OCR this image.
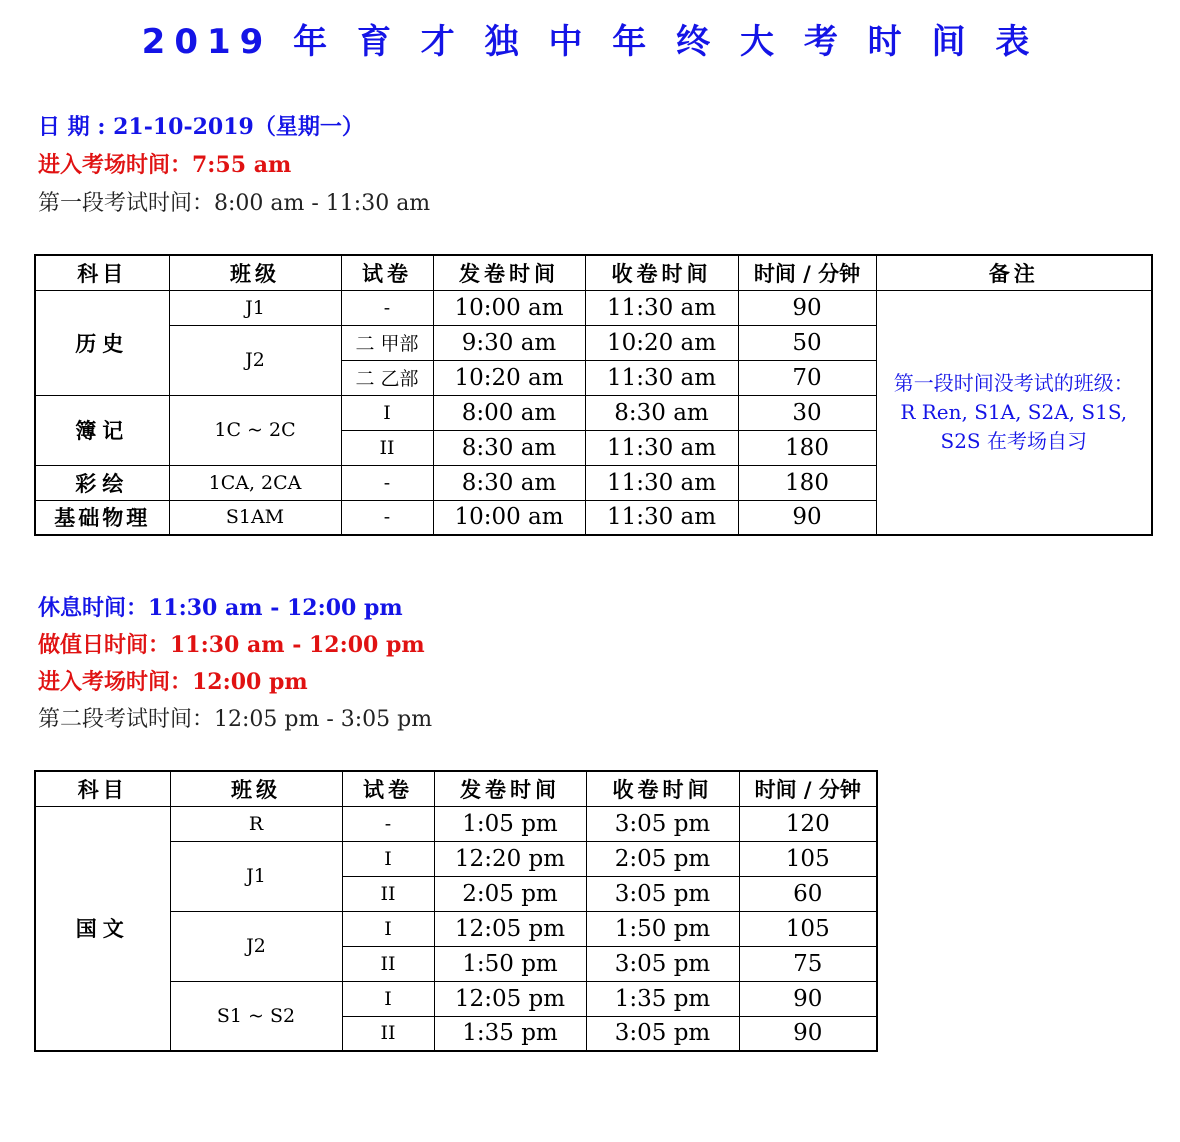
2019 年 育 才 独 中 年 终 大 考 时 间 表
日 期 : 21-10-2019（星期一）
进入考场时间：7:55 am
第一段考试时间：8:00 am - 11:30 am
科目	班级	试卷	发卷时间	收卷时间	时间 / 分钟	备注
历史	J1	-	10:00 am	11:30 am	90	第一段时间没考试的班级：R Ren, S1A, S2A, S1S, S2S 在考场自习
	J2	二 甲部	9:30 am	10:20 am	50	
		二 乙部	10:20 am	11:30 am	70	
簿记	1C ~ 2C	I	8:00 am	8:30 am	30	
		II	8:30 am	11:30 am	180	
彩绘	1CA, 2CA	-	8:30 am	11:30 am	180	
基础物理	S1AM	-	10:00 am	11:30 am	90	
休息时间：11:30 am - 12:00 pm
做值日时间：11:30 am - 12:00 pm
进入考场时间：12:00 pm
第二段考试时间：12:05 pm - 3:05 pm
科目	班级	试卷	发卷时间	收卷时间	时间 / 分钟
国文	R	-	1:05 pm	3:05 pm	120
	J1	I	12:20 pm	2:05 pm	105
		II	2:05 pm	3:05 pm	60
	J2	I	12:05 pm	1:50 pm	105
		II	1:50 pm	3:05 pm	75
	S1 ~ S2	I	12:05 pm	1:35 pm	90
		II	1:35 pm	3:05 pm	90
